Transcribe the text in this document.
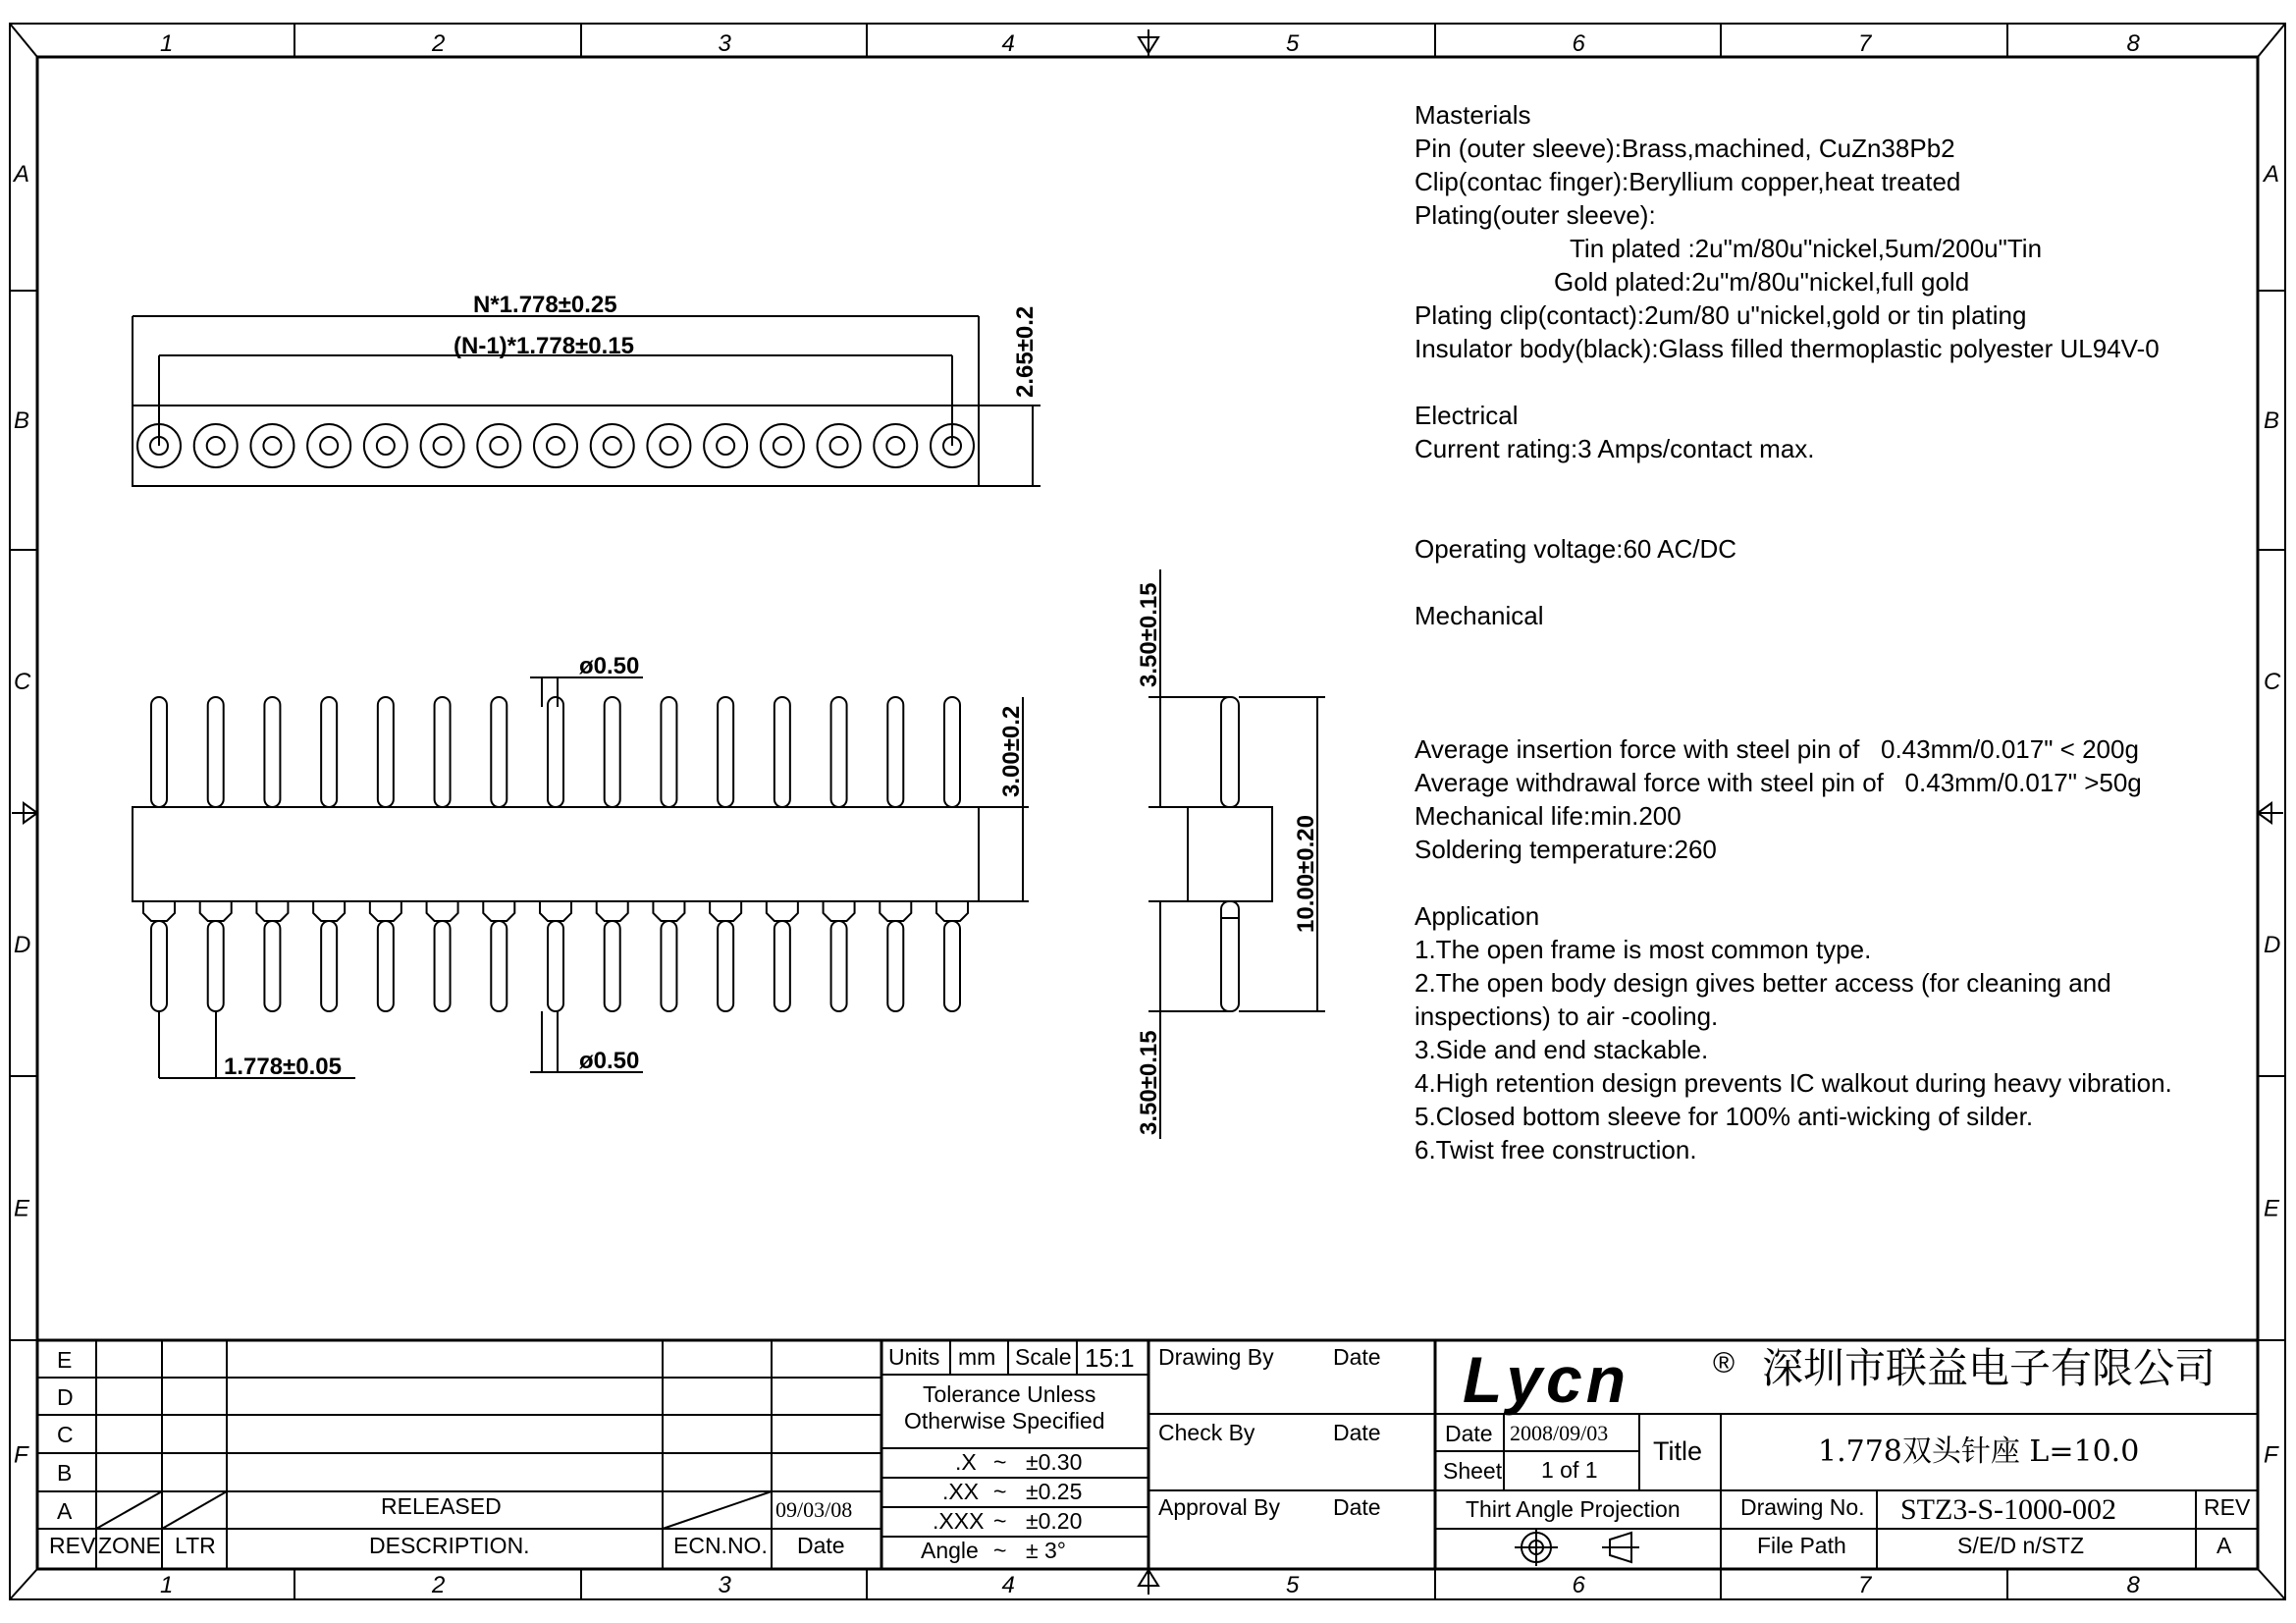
1
1
2
2
3
3
4
4
5
5
6
6
7
7
8
8
A	A
B	B
C	C
D	D
E	E
F	F
N*1.778±0.25
(N-1)*1.778±0.15	2.65±0.2
ø0.50
ø0.50
1.778±0.05
3.00±0.2
3.50±0.15
3.50±0.15
10.00±0.20
E
D
C
B
A	RELEASED	09/03/08
REV ZONE LTR	DESCRIPTION.	ECN.NO. Date
Units mm Scale 15:1
Tolerance Unless
Otherwise Specified
.X ~ ±0.30
.XX ~ ±0.25
.XXX ~ ±0.20
Angle ~ ± 3°
Drawing By	Date
Check By	Date
Approval By Date
Lycn	® 深圳市联益电子有限公司
Date 2008/09/03
Sheet 1 of 1
Title	1.778双头针座 L=10.0
Thirt Angle Projection	Drawing No. STZ3-S-1000-002	REV
File Path	S/E/D n/STZ	A
Masterials
Pin (outer sleeve):Brass,machined, CuZn38Pb2
Clip(contac finger):Beryllium copper,heat treated
Plating(outer sleeve):
Tin plated :2u"m/80u"nickel,5um/200u"Tin
Gold plated:2u"m/80u"nickel,full gold
Plating clip(contact):2um/80 u"nickel,gold or tin plating
Insulator body(black):Glass filled thermoplastic polyester UL94V-0
Electrical
Current rating:3 Amps/contact max.
Operating voltage:60 AC/DC
Mechanical
Average insertion force with steel pin of   0.43mm/0.017" < 200g
Average withdrawal force with steel pin of   0.43mm/0.017" >50g
Mechanical life:min.200
Soldering temperature:260
Application
1.The open frame is most common type.
2.The open body design gives better access (for cleaning and
inspections) to air -cooling.
3.Side and end stackable.
4.High retention design prevents IC walkout during heavy vibration.
5.Closed bottom sleeve for 100% anti-wicking of silder.
6.Twist free construction.
